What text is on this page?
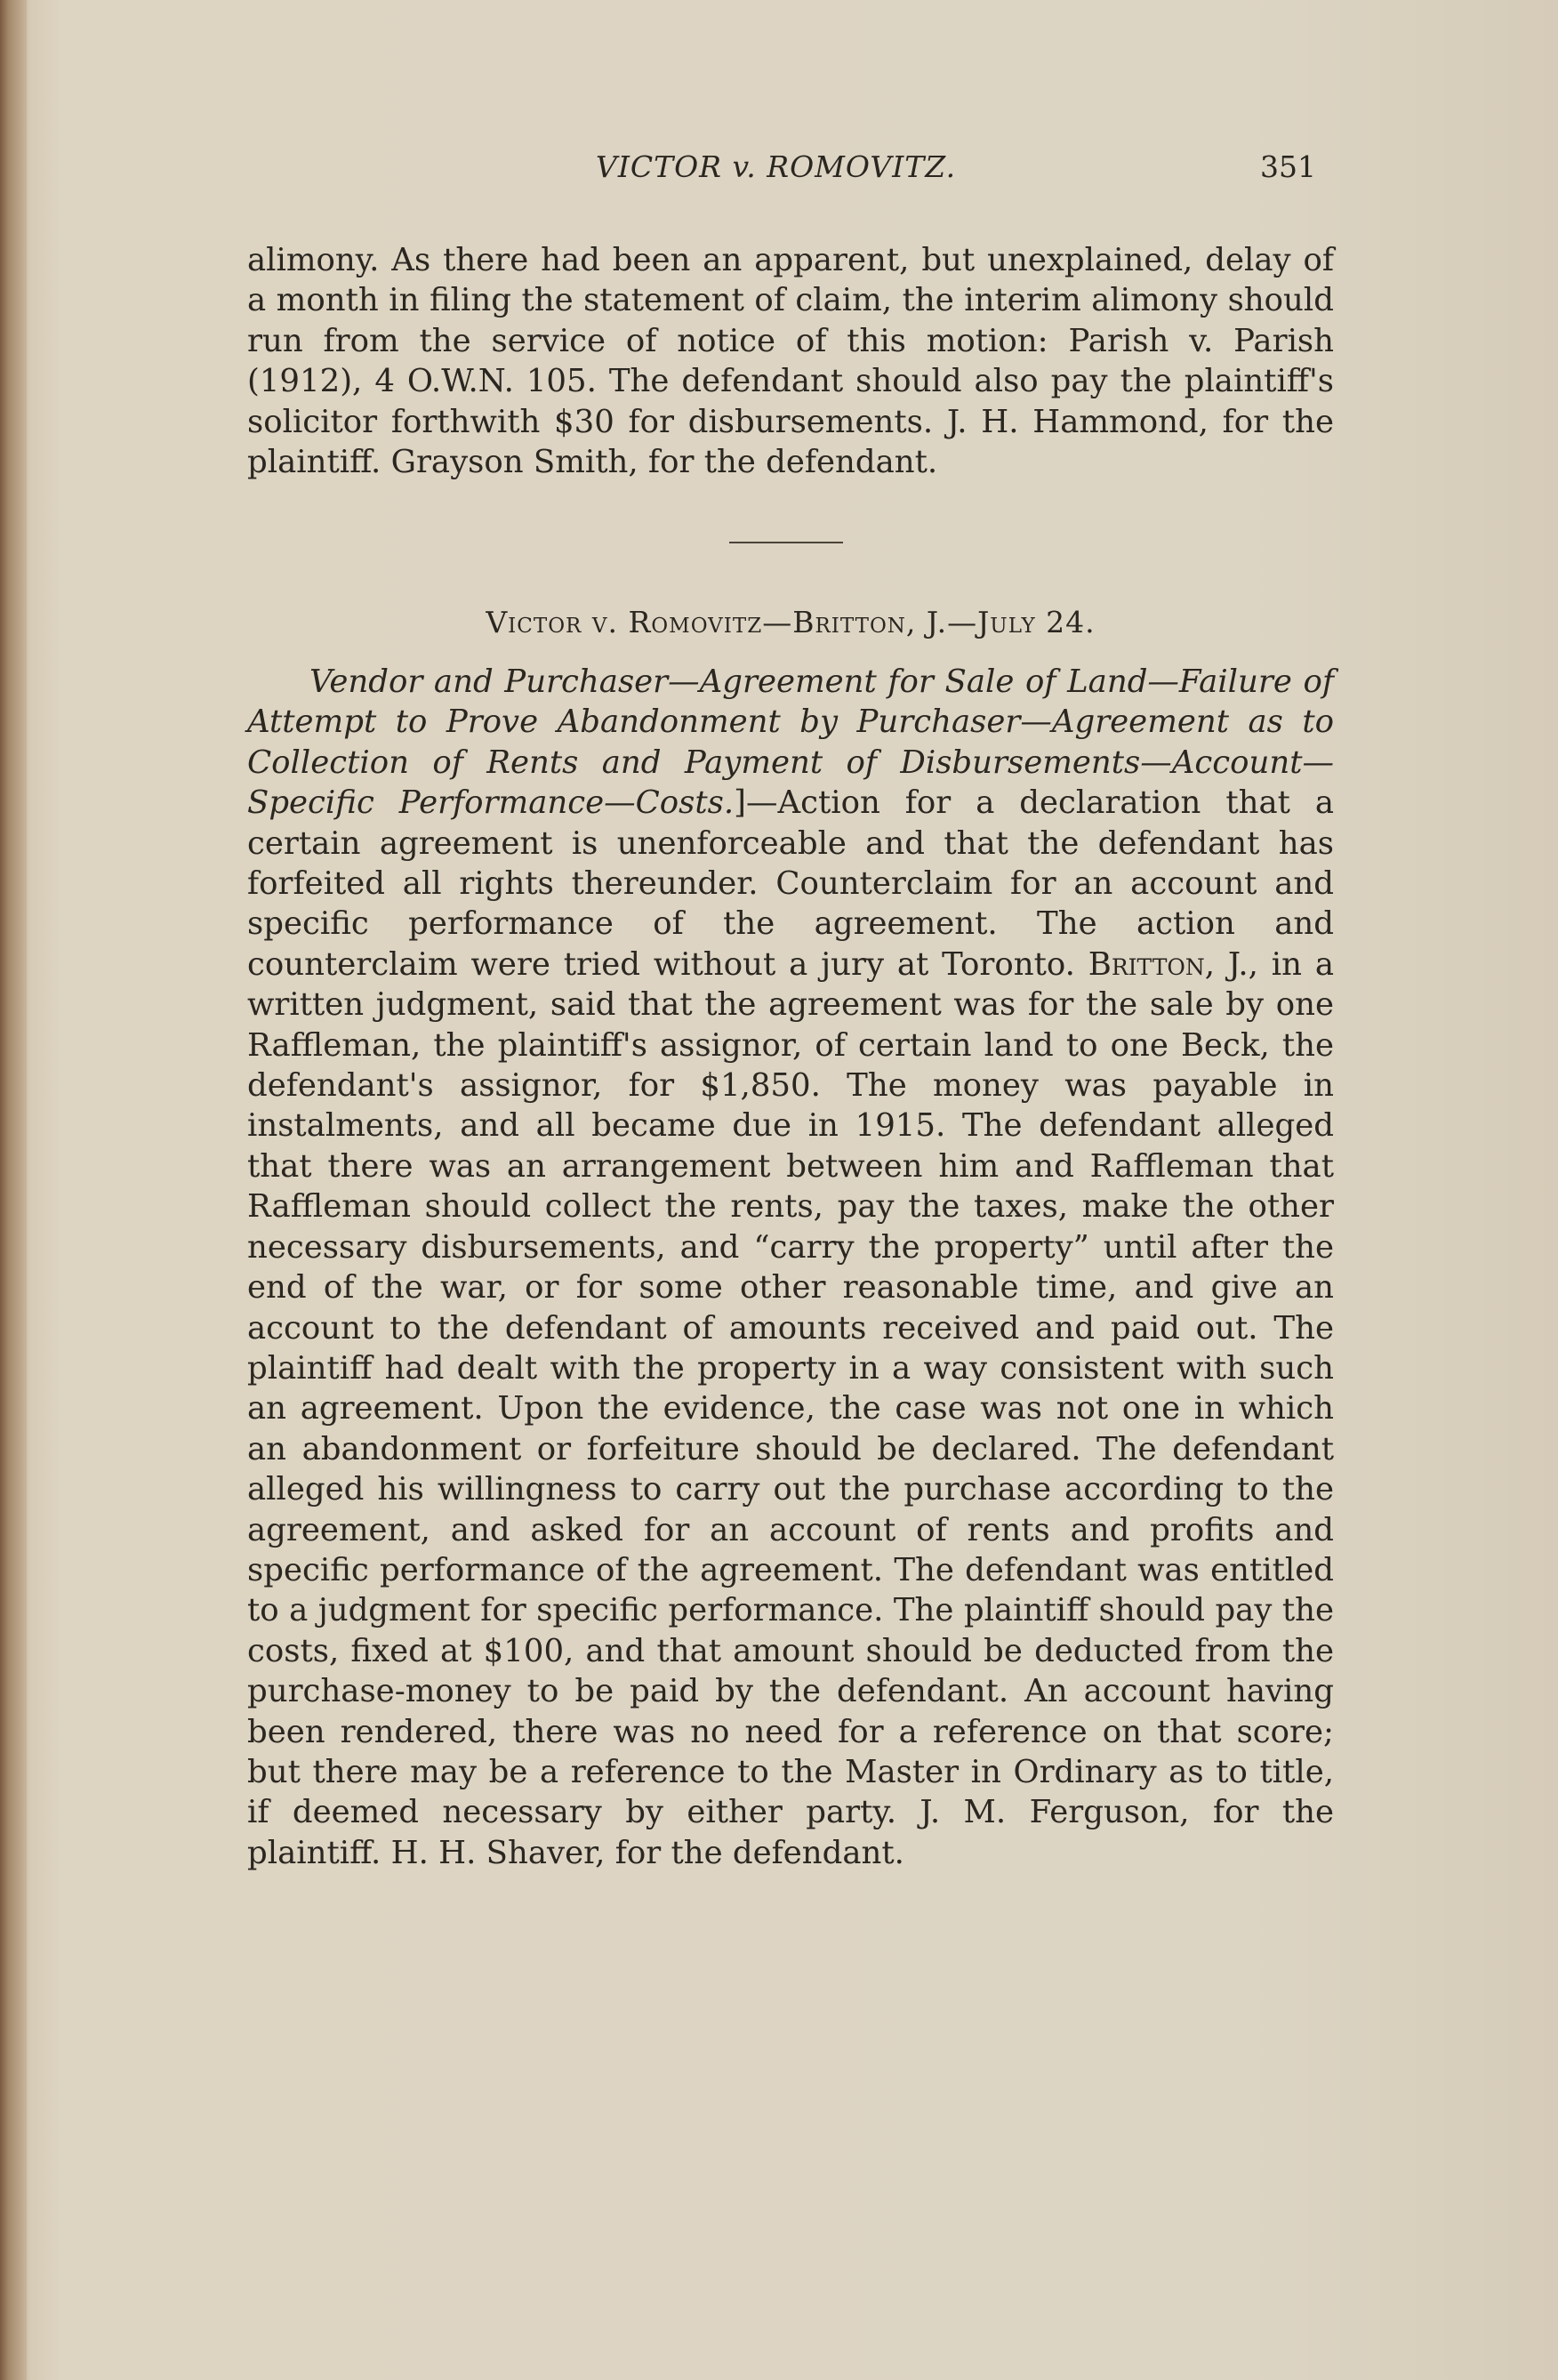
VICTOR v. ROMOVITZ.	351

alimony. As there had been an apparent, but unexplained, delay of a month in filing the statement of claim, the interim alimony should run from the service of notice of this motion: Parish v. Parish (1912), 4 O.W.N. 105. The defendant should also pay the plaintiff's solicitor forthwith $30 for disbursements. J. H. Hammond, for the plaintiff. Grayson Smith, for the defendant.

Victor v. Romovitz—Britton, J.—July 24.

Vendor and Purchaser—Agreement for Sale of Land—Failure of Attempt to Prove Abandonment by Purchaser—Agreement as to Collection of Rents and Payment of Disbursements—Account—Specific Performance—Costs.]—Action for a declaration that a certain agreement is unenforceable and that the defendant has forfeited all rights thereunder. Counterclaim for an account and specific performance of the agreement. The action and counterclaim were tried without a jury at Toronto. Britton, J., in a written judgment, said that the agreement was for the sale by one Raffleman, the plaintiff's assignor, of certain land to one Beck, the defendant's assignor, for $1,850. The money was payable in instalments, and all became due in 1915. The defendant alleged that there was an arrangement between him and Raffleman that Raffleman should collect the rents, pay the taxes, make the other necessary disbursements, and “carry the property” until after the end of the war, or for some other reasonable time, and give an account to the defendant of amounts received and paid out. The plaintiff had dealt with the property in a way consistent with such an agreement. Upon the evidence, the case was not one in which an abandonment or forfeiture should be declared. The defendant alleged his willingness to carry out the purchase according to the agreement, and asked for an account of rents and profits and specific performance of the agreement. The defendant was entitled to a judgment for specific performance. The plaintiff should pay the costs, fixed at $100, and that amount should be deducted from the purchase-money to be paid by the defendant. An account having been rendered, there was no need for a reference on that score; but there may be a reference to the Master in Ordinary as to title, if deemed necessary by either party. J. M. Ferguson, for the plaintiff. H. H. Shaver, for the defendant.
